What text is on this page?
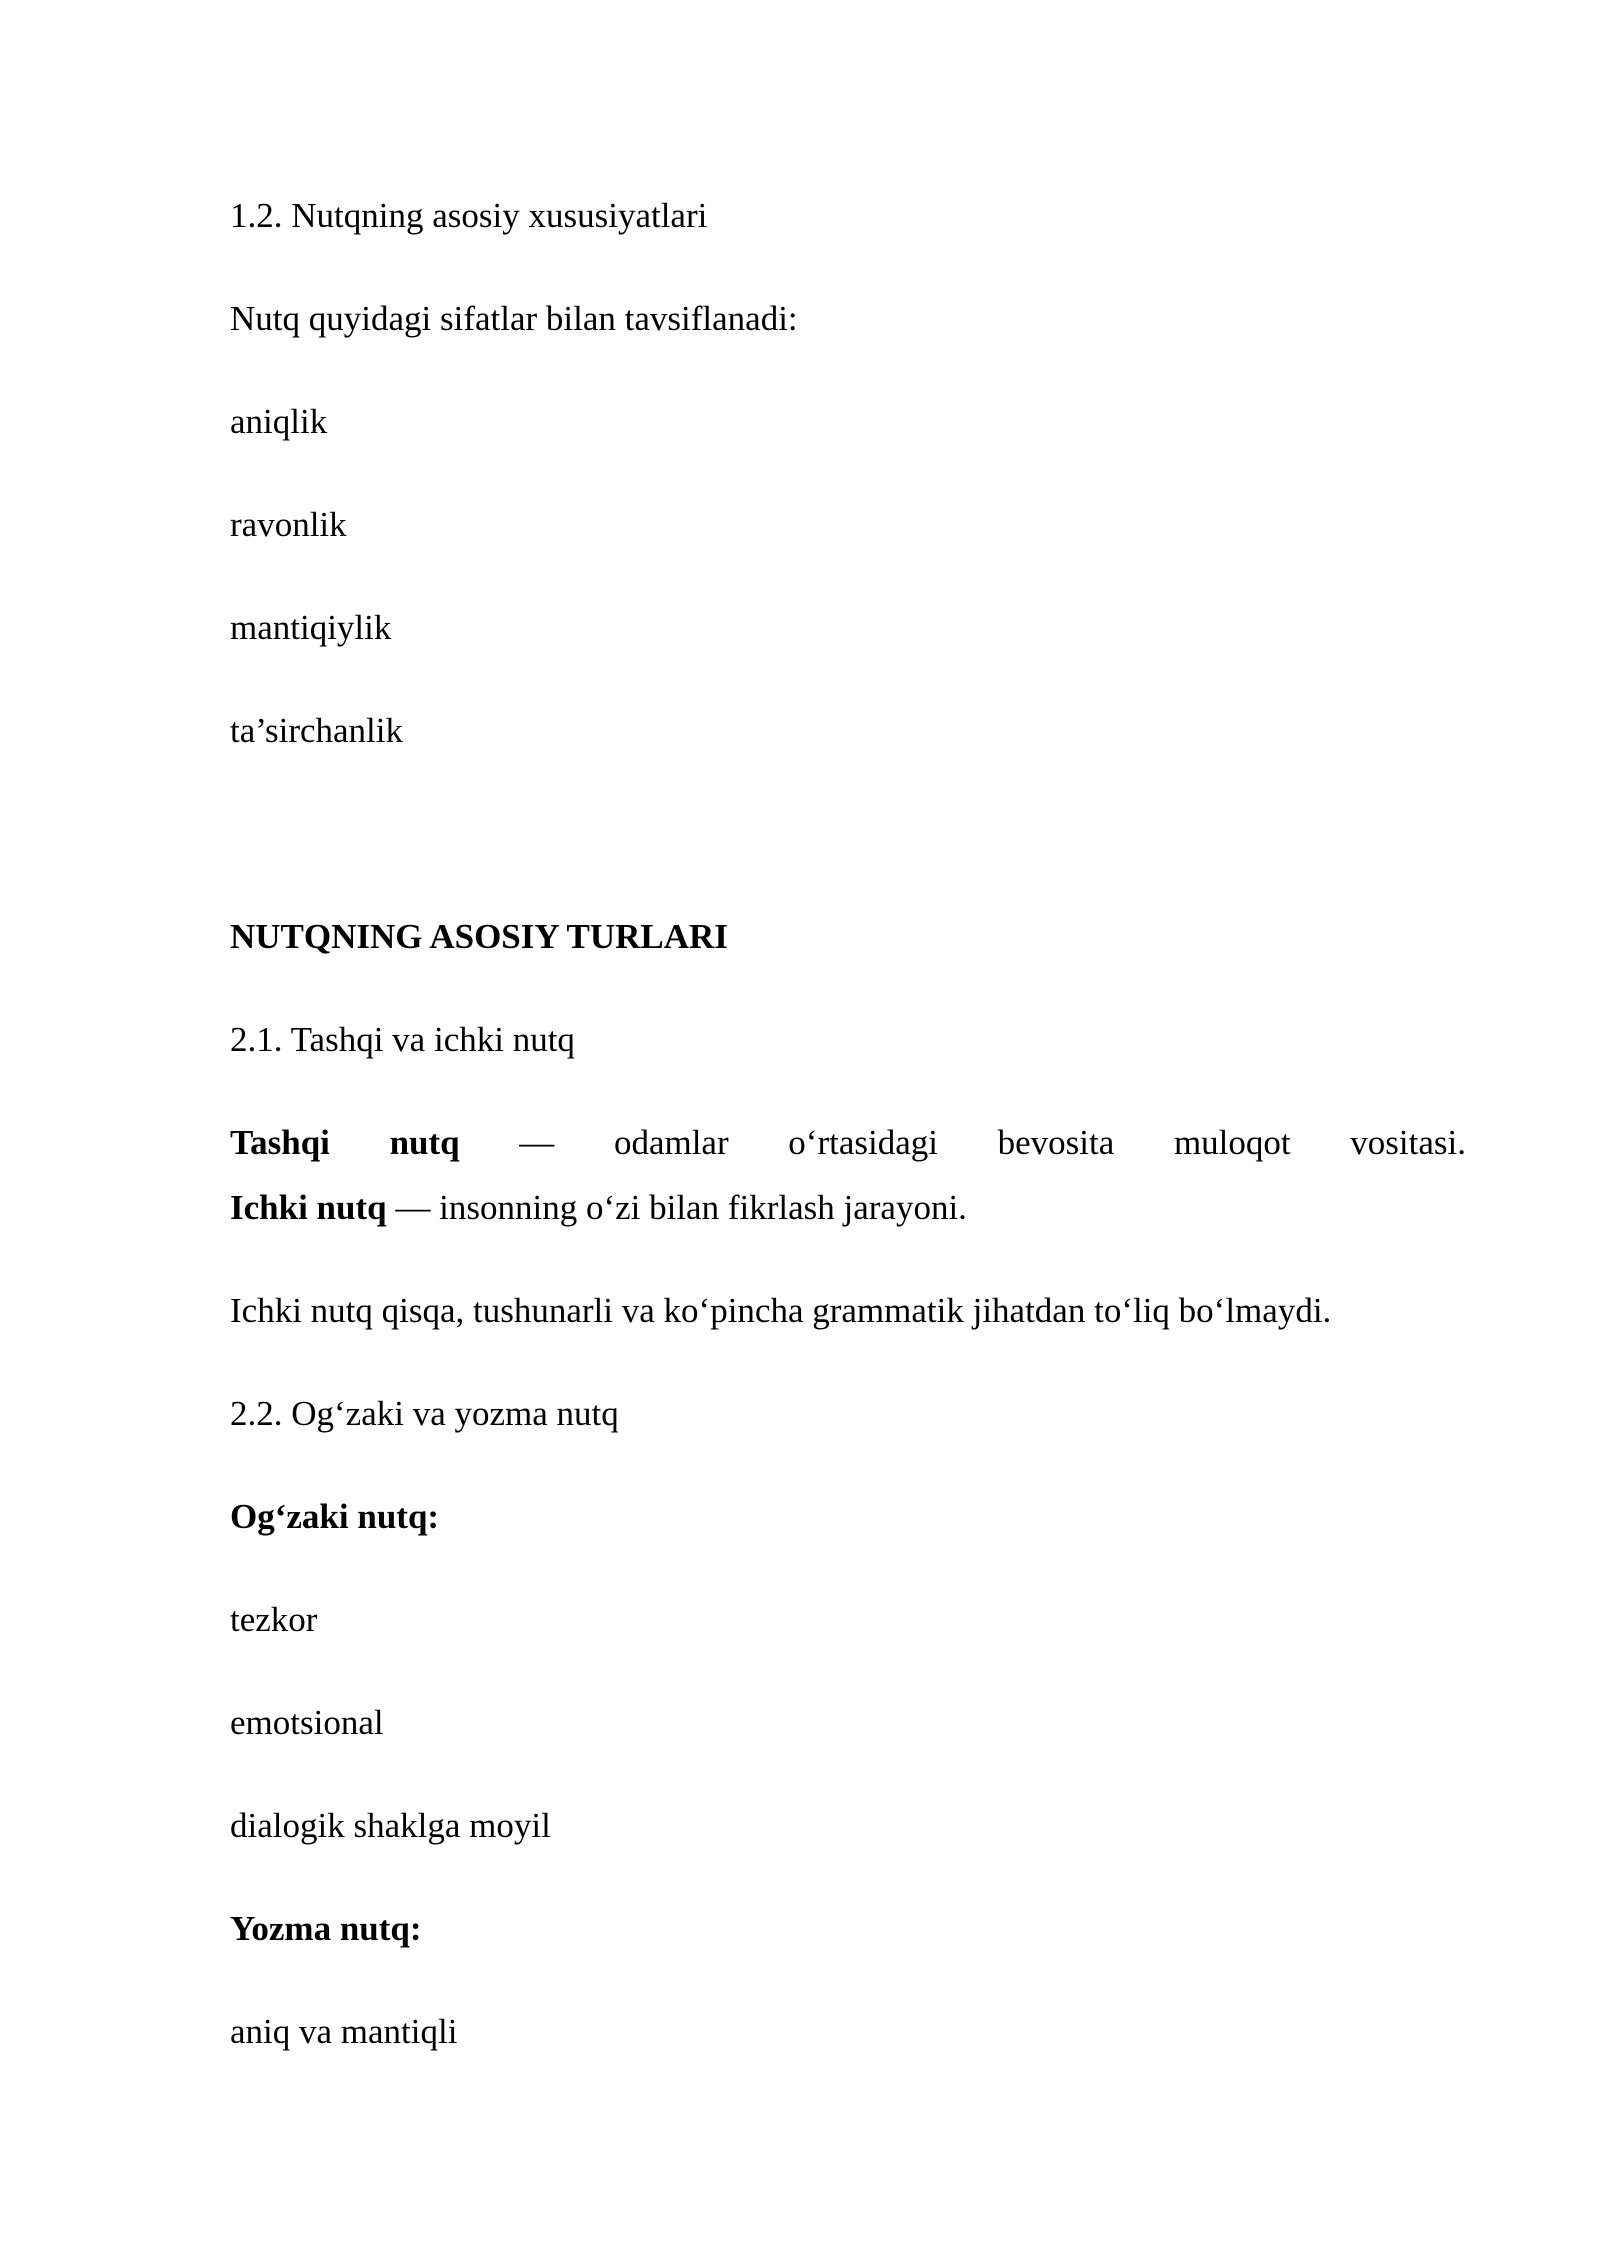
1.2. Nutqning asosiy xususiyatlari
Nutq quyidagi sifatlar bilan tavsiflanadi:
aniqlik
ravonlik
mantiqiylik
ta’sirchanlik
NUTQNING ASOSIY TURLARI
2.1. Tashqi va ichki nutq
Tashqi nutq — odamlar o‘rtasidagi bevosita muloqot vositasi.
Ichki nutq — insonning o‘zi bilan fikrlash jarayoni.
Ichki nutq qisqa, tushunarli va ko‘pincha grammatik jihatdan to‘liq bo‘lmaydi.
2.2. Og‘zaki va yozma nutq
Og‘zaki nutq:
tezkor
emotsional
dialogik shaklga moyil
Yozma nutq:
aniq va mantiqli
